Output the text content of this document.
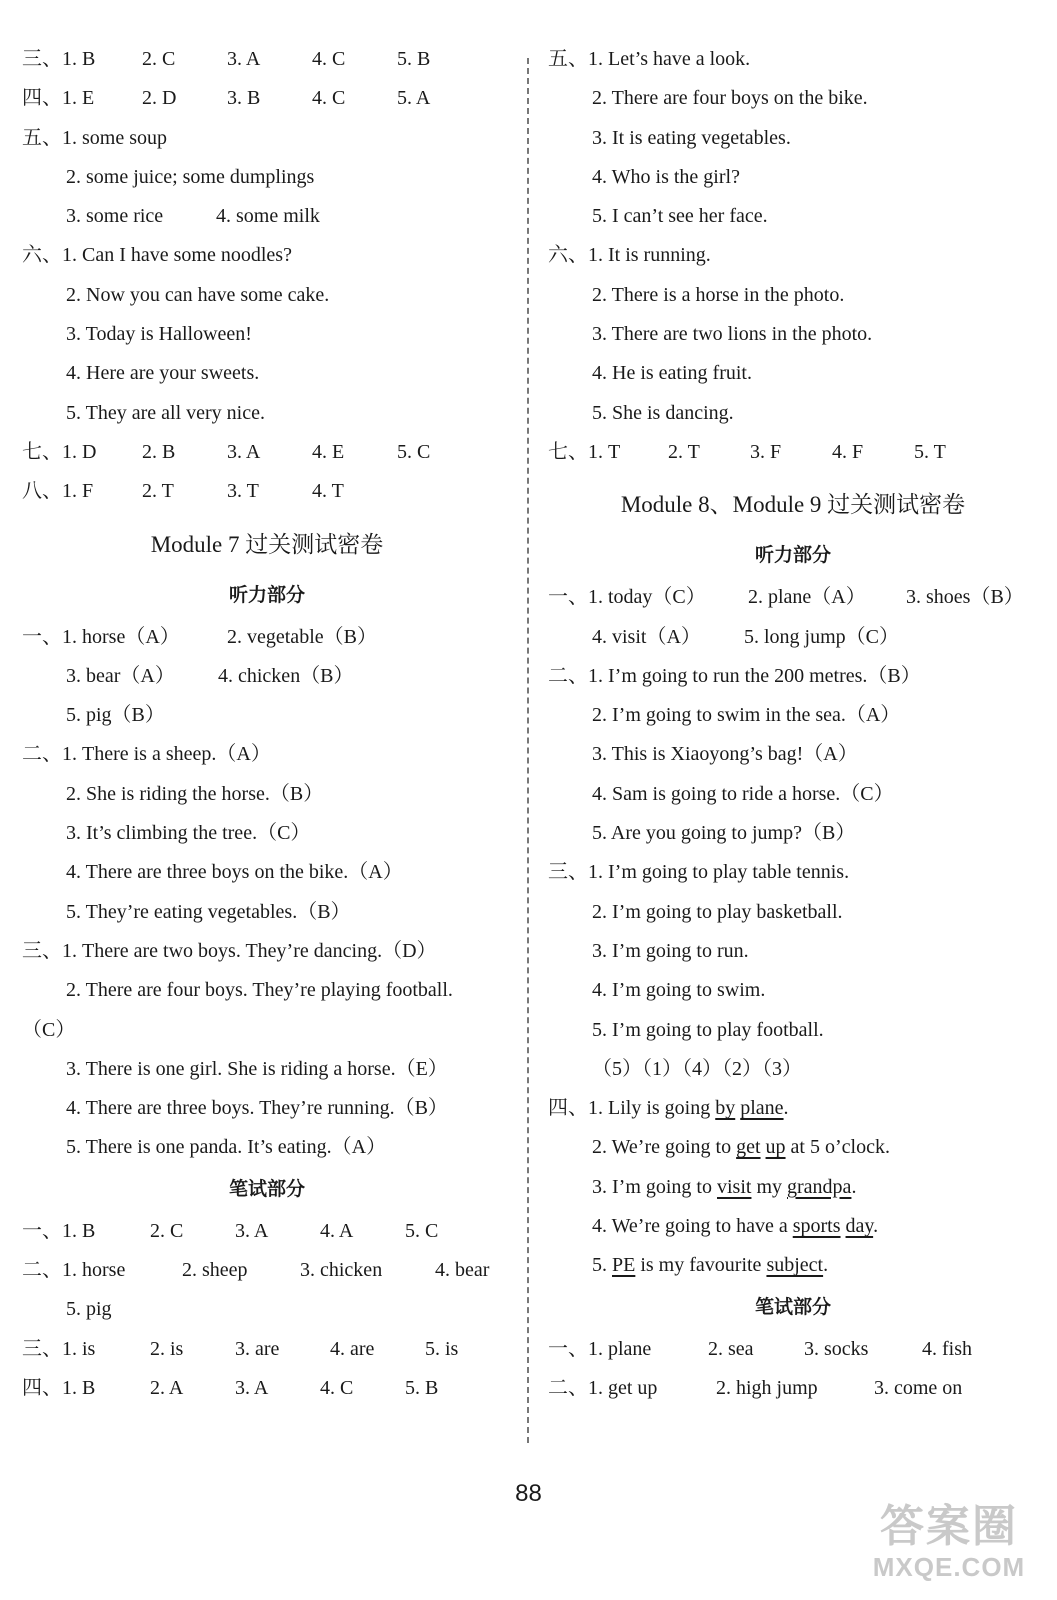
三、1. B 2. C	3. A	4. C	5. B
四、1. E 2. D	3. B	4. C	5. A
五、1. some soup
2. some juice; some dumplings
3. some rice	4. some milk
六、1. Can I have some noodles?
2. Now you can have some cake.
3. Today is Halloween!
4. Here are your sweets.
5. They are all very nice.
七、1. D 2. B	3. A	4. E	5. C
八、1. F 2. T	3. T	4. T
Module 7 过关测试密卷
听力部分
一、1. horse（A） 2. vegetable（B）
3. bear（A） 4. chicken（B）
5. pig（B）
二、1. There is a sheep.（A）
2. She is riding the horse.（B）
3. It’s climbing the tree.（C）
4. There are three boys on the bike.（A）
5. They’re eating vegetables.（B）
三、1. There are two boys. They’re dancing.（D）
2. There are four boys. They’re playing football.
（C）
3. There is one girl. She is riding a horse.（E）
4. There are three boys. They’re running.（B）
5. There is one panda. It’s eating.（A）
笔试部分
一、1. B	2. C	3. A	4. A	5. C
二、1. horse	2. sheep	3. chicken	4. bear
5. pig
三、1. is	2. is	3. are	4. are	5. is
四、1. B	2. A	3. A	4. C	5. B
五、1. Let’s have a look.
2. There are four boys on the bike.
3. It is eating vegetables.
4. Who is the girl?
5. I can’t see her face.
六、1. It is running.
2. There is a horse in the photo.
3. There are two lions in the photo.
4. He is eating fruit.
5. She is dancing.
七、1. T 2. T	3. F	4. F	5. T
Module 8、Module 9 过关测试密卷
听力部分
一、1. today（C） 2. plane（A） 3. shoes（B）
4. visit（A） 5. long jump（C）
二、1. I’m going to run the 200 metres.（B）
2. I’m going to swim in the sea.（A）
3. This is Xiaoyong’s bag!（A）
4. Sam is going to ride a horse.（C）
5. Are you going to jump?（B）
三、1. I’m going to play table tennis.
2. I’m going to play basketball.
3. I’m going to run.
4. I’m going to swim.
5. I’m going to play football.
（5）（1）（4）（2）（3）
四、1. Lily is going by plane.
2. We’re going to get up at 5 o’clock.
3. I’m going to visit my grandpa.
4. We’re going to have a sports day.
5. PE is my favourite subject.
笔试部分
一、1. plane	2. sea	3. socks	4. fish
二、1. get up	2. high jump	3. come on
88
答案圈
MXQE.COM
